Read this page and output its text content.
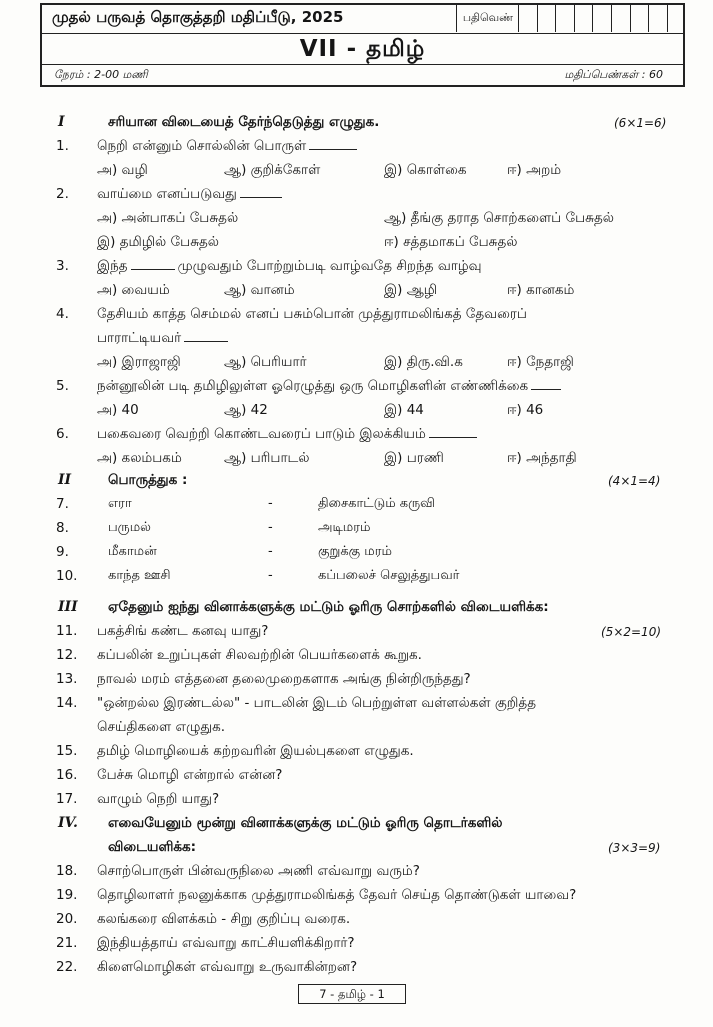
முதல் பருவத் தொகுத்தறி மதிப்பீடு, 2025	பதிவெண்
VII - தமிழ்
நேரம் : 2-00 மணி	மதிப்பெண்கள் : 60
I	சரியான விடையைத் தேர்ந்தெடுத்து எழுதுக.	(6×1=6)
1. நெறி என்னும் சொல்லின் பொருள்
அ) வழி	ஆ) குறிக்கோள்	இ) கொள்கை	ஈ) அறம்
2. வாய்மை எனப்படுவது
அ) அன்பாகப் பேசுதல்	ஆ) தீங்கு தராத சொற்களைப் பேசுதல்
இ) தமிழில் பேசுதல்	ஈ) சத்தமாகப் பேசுதல்
3. இந்த	முழுவதும் போற்றும்படி வாழ்வதே சிறந்த வாழ்வு
அ) வையம்	ஆ) வானம்	இ) ஆழி	ஈ) கானகம்
4. தேசியம் காத்த செம்மல் எனப் பசும்பொன் முத்துராமலிங்கத் தேவரைப்
பாராட்டியவர்
அ) இராஜாஜி	ஆ) பெரியார்	இ) திரு.வி.க	ஈ) நேதாஜி
5. நன்னூலின் படி தமிழிலுள்ள ஓரெழுத்து ஒரு மொழிகளின் எண்ணிக்கை
அ) 40	ஆ) 42	இ) 44	ஈ) 46
6. பகைவரை வெற்றி கொண்டவரைப் பாடும் இலக்கியம்
அ) கலம்பகம்	ஆ) பரிபாடல்	இ) பரணி	ஈ) அந்தாதி
II	பொருத்துக :	(4×1=4)
7.	எரா	-	திசைகாட்டும் கருவி
8.	பருமல்	-	அடிமரம்
9.	மீகாமன்	-	குறுக்கு மரம்
10. காந்த ஊசி	-	கப்பலைச் செலுத்துபவர்
III ஏதேனும் ஐந்து வினாக்களுக்கு மட்டும் ஓரிரு சொற்களில் விடையளிக்க:
11. பகத்சிங் கண்ட கனவு யாது?	(5×2=10)
12. கப்பலின் உறுப்புகள் சிலவற்றின் பெயர்களைக் கூறுக.
13. நாவல் மரம் எத்தனை தலைமுறைகளாக அங்கு நின்றிருந்தது?
14. "ஒன்றல்ல இரண்டல்ல" - பாடலின் இடம் பெற்றுள்ள வள்ளல்கள் குறித்த
செய்திகளை எழுதுக.
15. தமிழ் மொழியைக் கற்றவரின் இயல்புகளை எழுதுக.
16. பேச்சு மொழி என்றால் என்ன?
17. வாழும் நெறி யாது?
IV. எவையேனும் மூன்று வினாக்களுக்கு மட்டும் ஓரிரு தொடர்களில்
விடையளிக்க:	(3×3=9)
18. சொற்பொருள் பின்வருநிலை அணி எவ்வாறு வரும்?
19. தொழிலாளர் நலனுக்காக முத்துராமலிங்கத் தேவர் செய்த தொண்டுகள் யாவை?
20. கலங்கரை விளக்கம் - சிறு குறிப்பு வரைக.
21. இந்தியத்தாய் எவ்வாறு காட்சியளிக்கிறார்?
22. கிளைமொழிகள் எவ்வாறு உருவாகின்றன?
7 - தமிழ் - 1
